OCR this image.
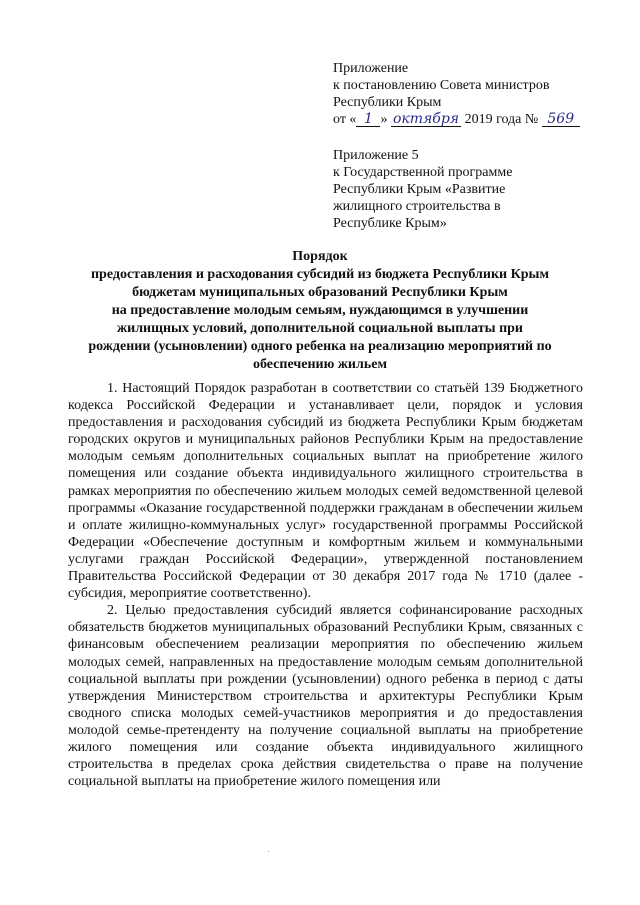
Приложение
к постановлению Совета министров
Республики Крым
от « 1 » октября 2019 года № 569
Приложение 5
к Государственной программе
Республики Крым «Развитие
жилищного строительства в
Республике Крым»
Порядок
предоставления и расходования субсидий из бюджета Республики Крым
бюджетам муниципальных образований Республики Крым
на предоставление молодым семьям, нуждающимся в улучшении
жилищных условий, дополнительной социальной выплаты при
рождении (усыновлении) одного ребенка на реализацию мероприятий по
обеспечению жильем

1. Настоящий Порядок разработан в соответствии со статьёй 139 Бюджетного кодекса Российской Федерации и устанавливает цели, порядок и условия предоставления и расходования субсидий из бюджета Республики Крым бюджетам городских округов и муниципальных районов Республики Крым на предоставление молодым семьям дополнительных социальных выплат на приобретение жилого помещения или создание объекта индивидуального жилищного строительства в рамках мероприятия по обеспечению жильем молодых семей ведомственной целевой программы «Оказание государственной поддержки гражданам в обеспечении жильем и оплате жилищно-коммунальных услуг» государственной программы Российской Федерации «Обеспечение доступным и комфортным жильем и коммунальными услугами граждан Российской Федерации», утвержденной постановлением Правительства Российской Федерации от 30 декабря 2017 года № 1710 (далее - субсидия, мероприятие соответственно).

2. Целью предоставления субсидий является софинансирование расходных обязательств бюджетов муниципальных образований Республики Крым, связанных с финансовым обеспечением реализации мероприятия по обеспечению жильем молодых семей, направленных на предоставление молодым семьям дополнительной социальной выплаты при рождении (усыновлении) одного ребенка в период с даты утверждения Министерством строительства и архитектуры Республики Крым сводного списка молодых семей-участников мероприятия и до предоставления молодой семье-претенденту на получение социальной выплаты на приобретение жилого помещения или создание объекта индивидуального жилищного строительства в пределах срока действия свидетельства о праве на получение социальной выплаты на приобретение жилого помещения или
